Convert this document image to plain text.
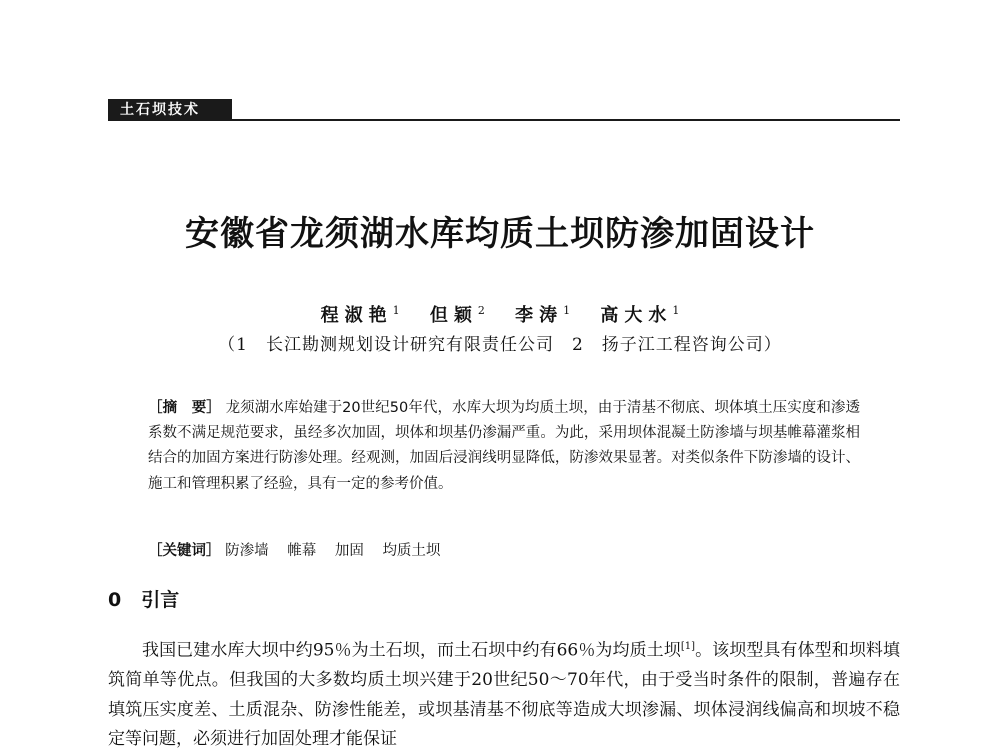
土石坝技术
安徽省龙须湖水库均质土坝防渗加固设计
程淑艳$^1$ 但颖$^2$ 李涛$^1$ 高大水$^1$
（1　长江勘测规划设计研究有限责任公司　2　扬子江工程咨询公司）
［摘　要］ 龙须湖水库始建于20世纪50年代，水库大坝为均质土坝，由于清基不彻底、坝体填土压实度和渗透系数不满足规范要求，虽经多次加固，坝体和坝基仍渗漏严重。为此，采用坝体混凝土防渗墙与坝基帷幕灌浆相结合的加固方案进行防渗处理。经观测，加固后浸润线明显降低，防渗效果显著。对类似条件下防渗墙的设计、施工和管理积累了经验，具有一定的参考价值。
［关键词］ 防渗墙 帷幕 加固 均质土坝
0 引言
我国已建水库大坝中约95％为土石坝，而土石坝中约有66％为均质土坝[1]。该坝型具有体型和坝料填筑简单等优点。但我国的大多数均质土坝兴建于20世纪50～70年代，由于受当时条件的限制，普遍存在填筑压实度差、土质混杂、防渗性能差，或坝基清基不彻底等造成大坝渗漏、坝体浸润线偏高和坝坡不稳定等问题，必须进行加固处理才能保证
